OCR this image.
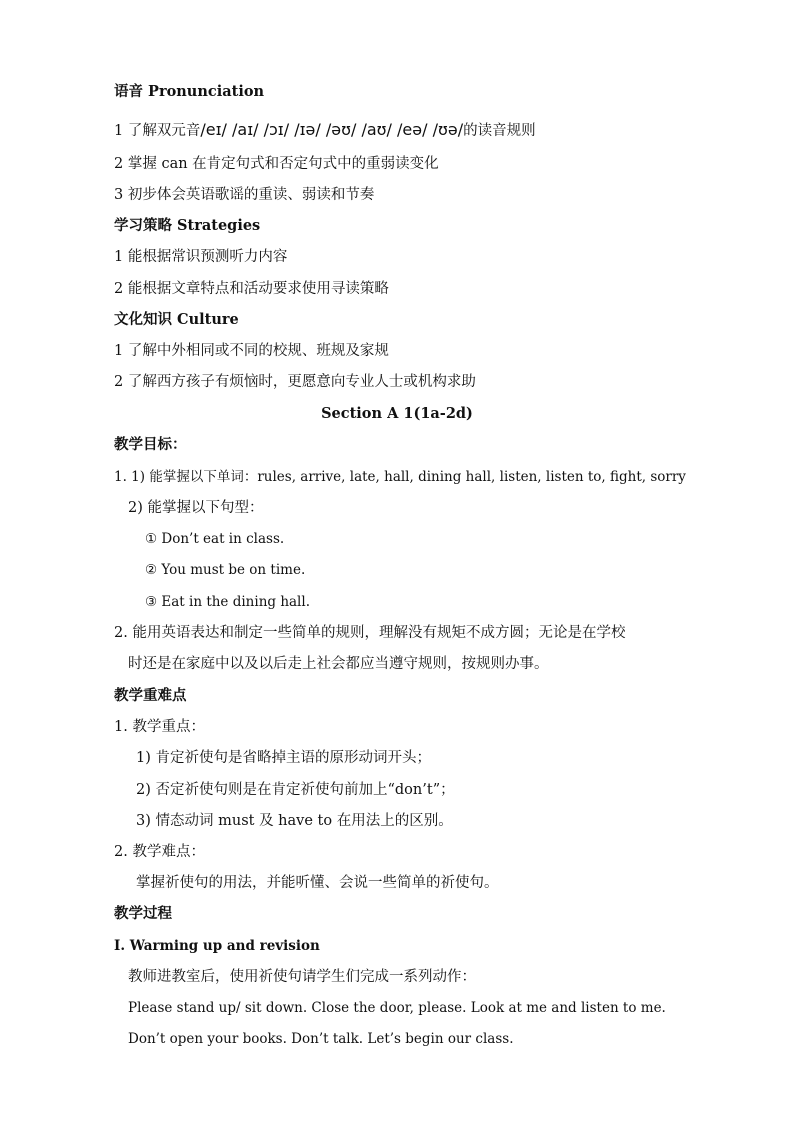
语音 Pronunciation
1 了解双元音/eɪ/ /aɪ/ /ɔɪ/ /ɪə/ /əʊ/ /aʊ/ /eə/ /ʊə/的读音规则
2 掌握 can 在肯定句式和否定句式中的重弱读变化
3 初步体会英语歌谣的重读、弱读和节奏
学习策略 Strategies
1 能根据常识预测听力内容
2 能根据文章特点和活动要求使用寻读策略
文化知识 Culture
1 了解中外相同或不同的校规、班规及家规
2 了解西方孩子有烦恼时，更愿意向专业人士或机构求助
Section A 1(1a-2d)
教学目标：
1. 1) 能掌握以下单词：rules, arrive, late, hall, dining hall, listen, listen to, fight, sorry
2) 能掌握以下句型：
① Don’t eat in class.
② You must be on time.
③ Eat in the dining hall.
2. 能用英语表达和制定一些简单的规则，理解没有规矩不成方圆；无论是在学校
时还是在家庭中以及以后走上社会都应当遵守规则，按规则办事。
教学重难点
1. 教学重点：
1) 肯定祈使句是省略掉主语的原形动词开头；
2) 否定祈使句则是在肯定祈使句前加上“don’t”；
3) 情态动词 must 及 have to 在用法上的区别。
2. 教学难点：
掌握祈使句的用法，并能听懂、会说一些简单的祈使句。
教学过程
Ⅰ. Warming up and revision
教师进教室后，使用祈使句请学生们完成一系列动作：
Please stand up/ sit down. Close the door, please. Look at me and listen to me.
Don’t open your books. Don’t talk. Let’s begin our class.
